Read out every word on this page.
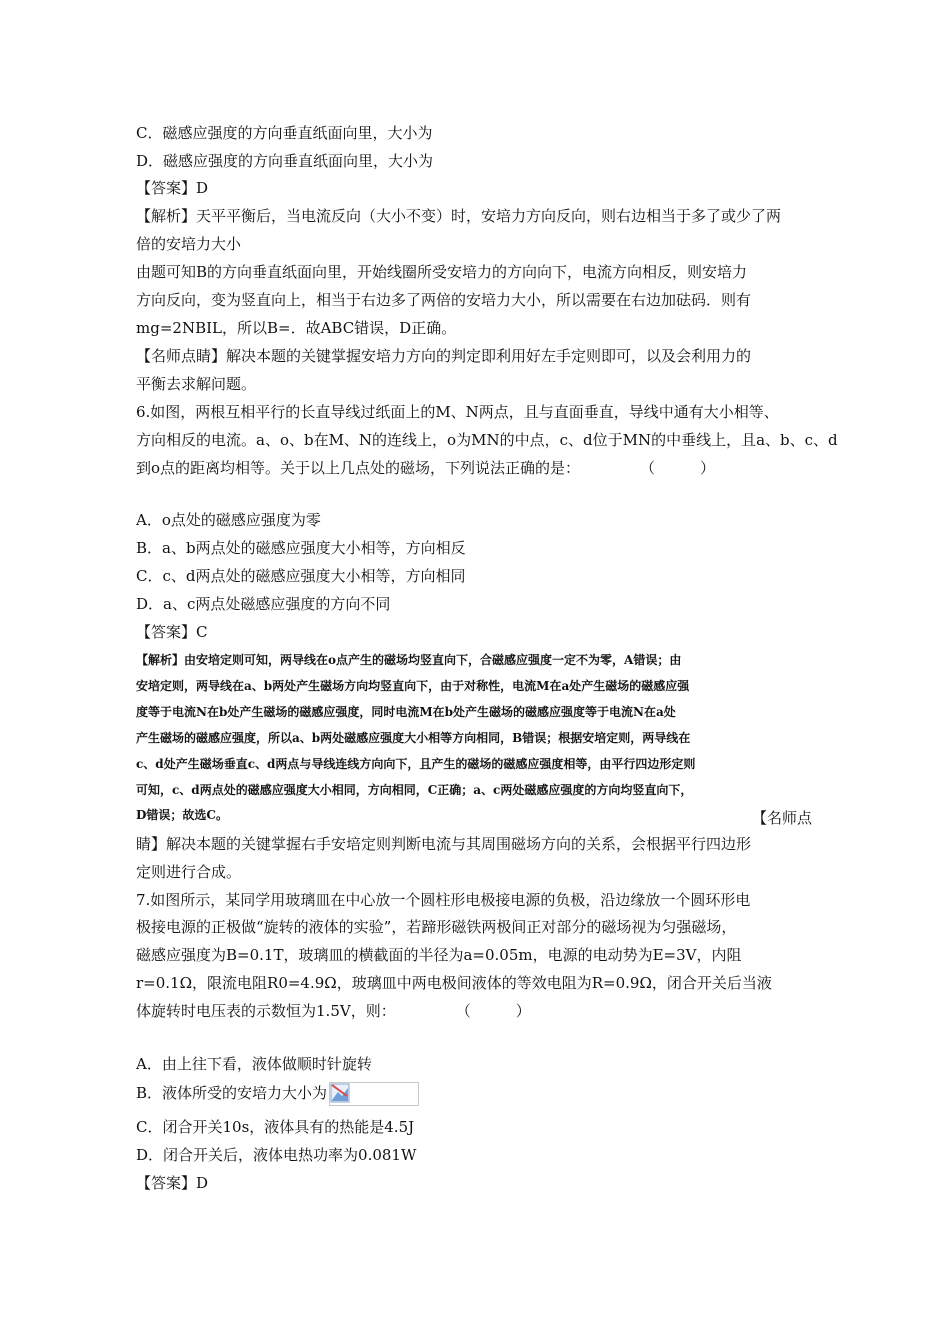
C．磁感应强度的方向垂直纸面向里，大小为
D．磁感应强度的方向垂直纸面向里，大小为
【答案】D
【解析】天平平衡后，当电流反向（大小不变）时，安培力方向反向，则右边相当于多了或少了两
倍的安培力大小
由题可知B的方向垂直纸面向里，开始线圈所受安培力的方向向下，电流方向相反，则安培力
方向反向，变为竖直向上，相当于右边多了两倍的安培力大小，所以需要在右边加砝码．则有
mg=2NBIL，所以B=．故ABC错误，D正确。
【名师点睛】解决本题的关键掌握安培力方向的判定即利用好左手定则即可，以及会利用力的
平衡去求解问题。
6.如图，两根互相平行的长直导线过纸面上的M、N两点，且与直面垂直，导线中通有大小相等、
方向相反的电流。a、o、b在M、N的连线上，o为MN的中点，c、d位于MN的中垂线上，且a、b、c、d
到o点的距离均相等。关于以上几点处的磁场，下列说法正确的是：　　　　　（　　　）
A．o点处的磁感应强度为零
B．a、b两点处的磁感应强度大小相等，方向相反
C．c、d两点处的磁感应强度大小相等，方向相同
D．a、c两点处磁感应强度的方向不同
【答案】C
【解析】由安培定则可知，两导线在o点产生的磁场均竖直向下，合磁感应强度一定不为零，A错误；由
安培定则，两导线在a、b两处产生磁场方向均竖直向下，由于对称性，电流M在a处产生磁场的磁感应强
度等于电流N在b处产生磁场的磁感应强度，同时电流M在b处产生磁场的磁感应强度等于电流N在a处
产生磁场的磁感应强度，所以a、b两处磁感应强度大小相等方向相同，B错误；根据安培定则，两导线在
c、d处产生磁场垂直c、d两点与导线连线方向向下，且产生的磁场的磁感应强度相等，由平行四边形定则
可知，c、d两点处的磁感应强度大小相同，方向相同，C正确；a、c两处磁感应强度的方向均竖直向下，
D错误；故选C。	【名师点
睛】解决本题的关键掌握右手安培定则判断电流与其周围磁场方向的关系，会根据平行四边形
定则进行合成。
7.如图所示，某同学用玻璃皿在中心放一个圆柱形电极接电源的负极，沿边缘放一个圆环形电
极接电源的正极做“旋转的液体的实验”，若蹄形磁铁两极间正对部分的磁场视为匀强磁场，
磁感应强度为B=0.1T，玻璃皿的横截面的半径为a=0.05m，电源的电动势为E=3V，内阻
r=0.1Ω，限流电阻R0=4.9Ω，玻璃皿中两电极间液体的等效电阻为R=0.9Ω，闭合开关后当液
体旋转时电压表的示数恒为1.5V，则：　　　　　（　　　）
A．由上往下看，液体做顺时针旋转
B．液体所受的安培力大小为
C．闭合开关10s，液体具有的热能是4.5J
D．闭合开关后，液体电热功率为0.081W
【答案】D
